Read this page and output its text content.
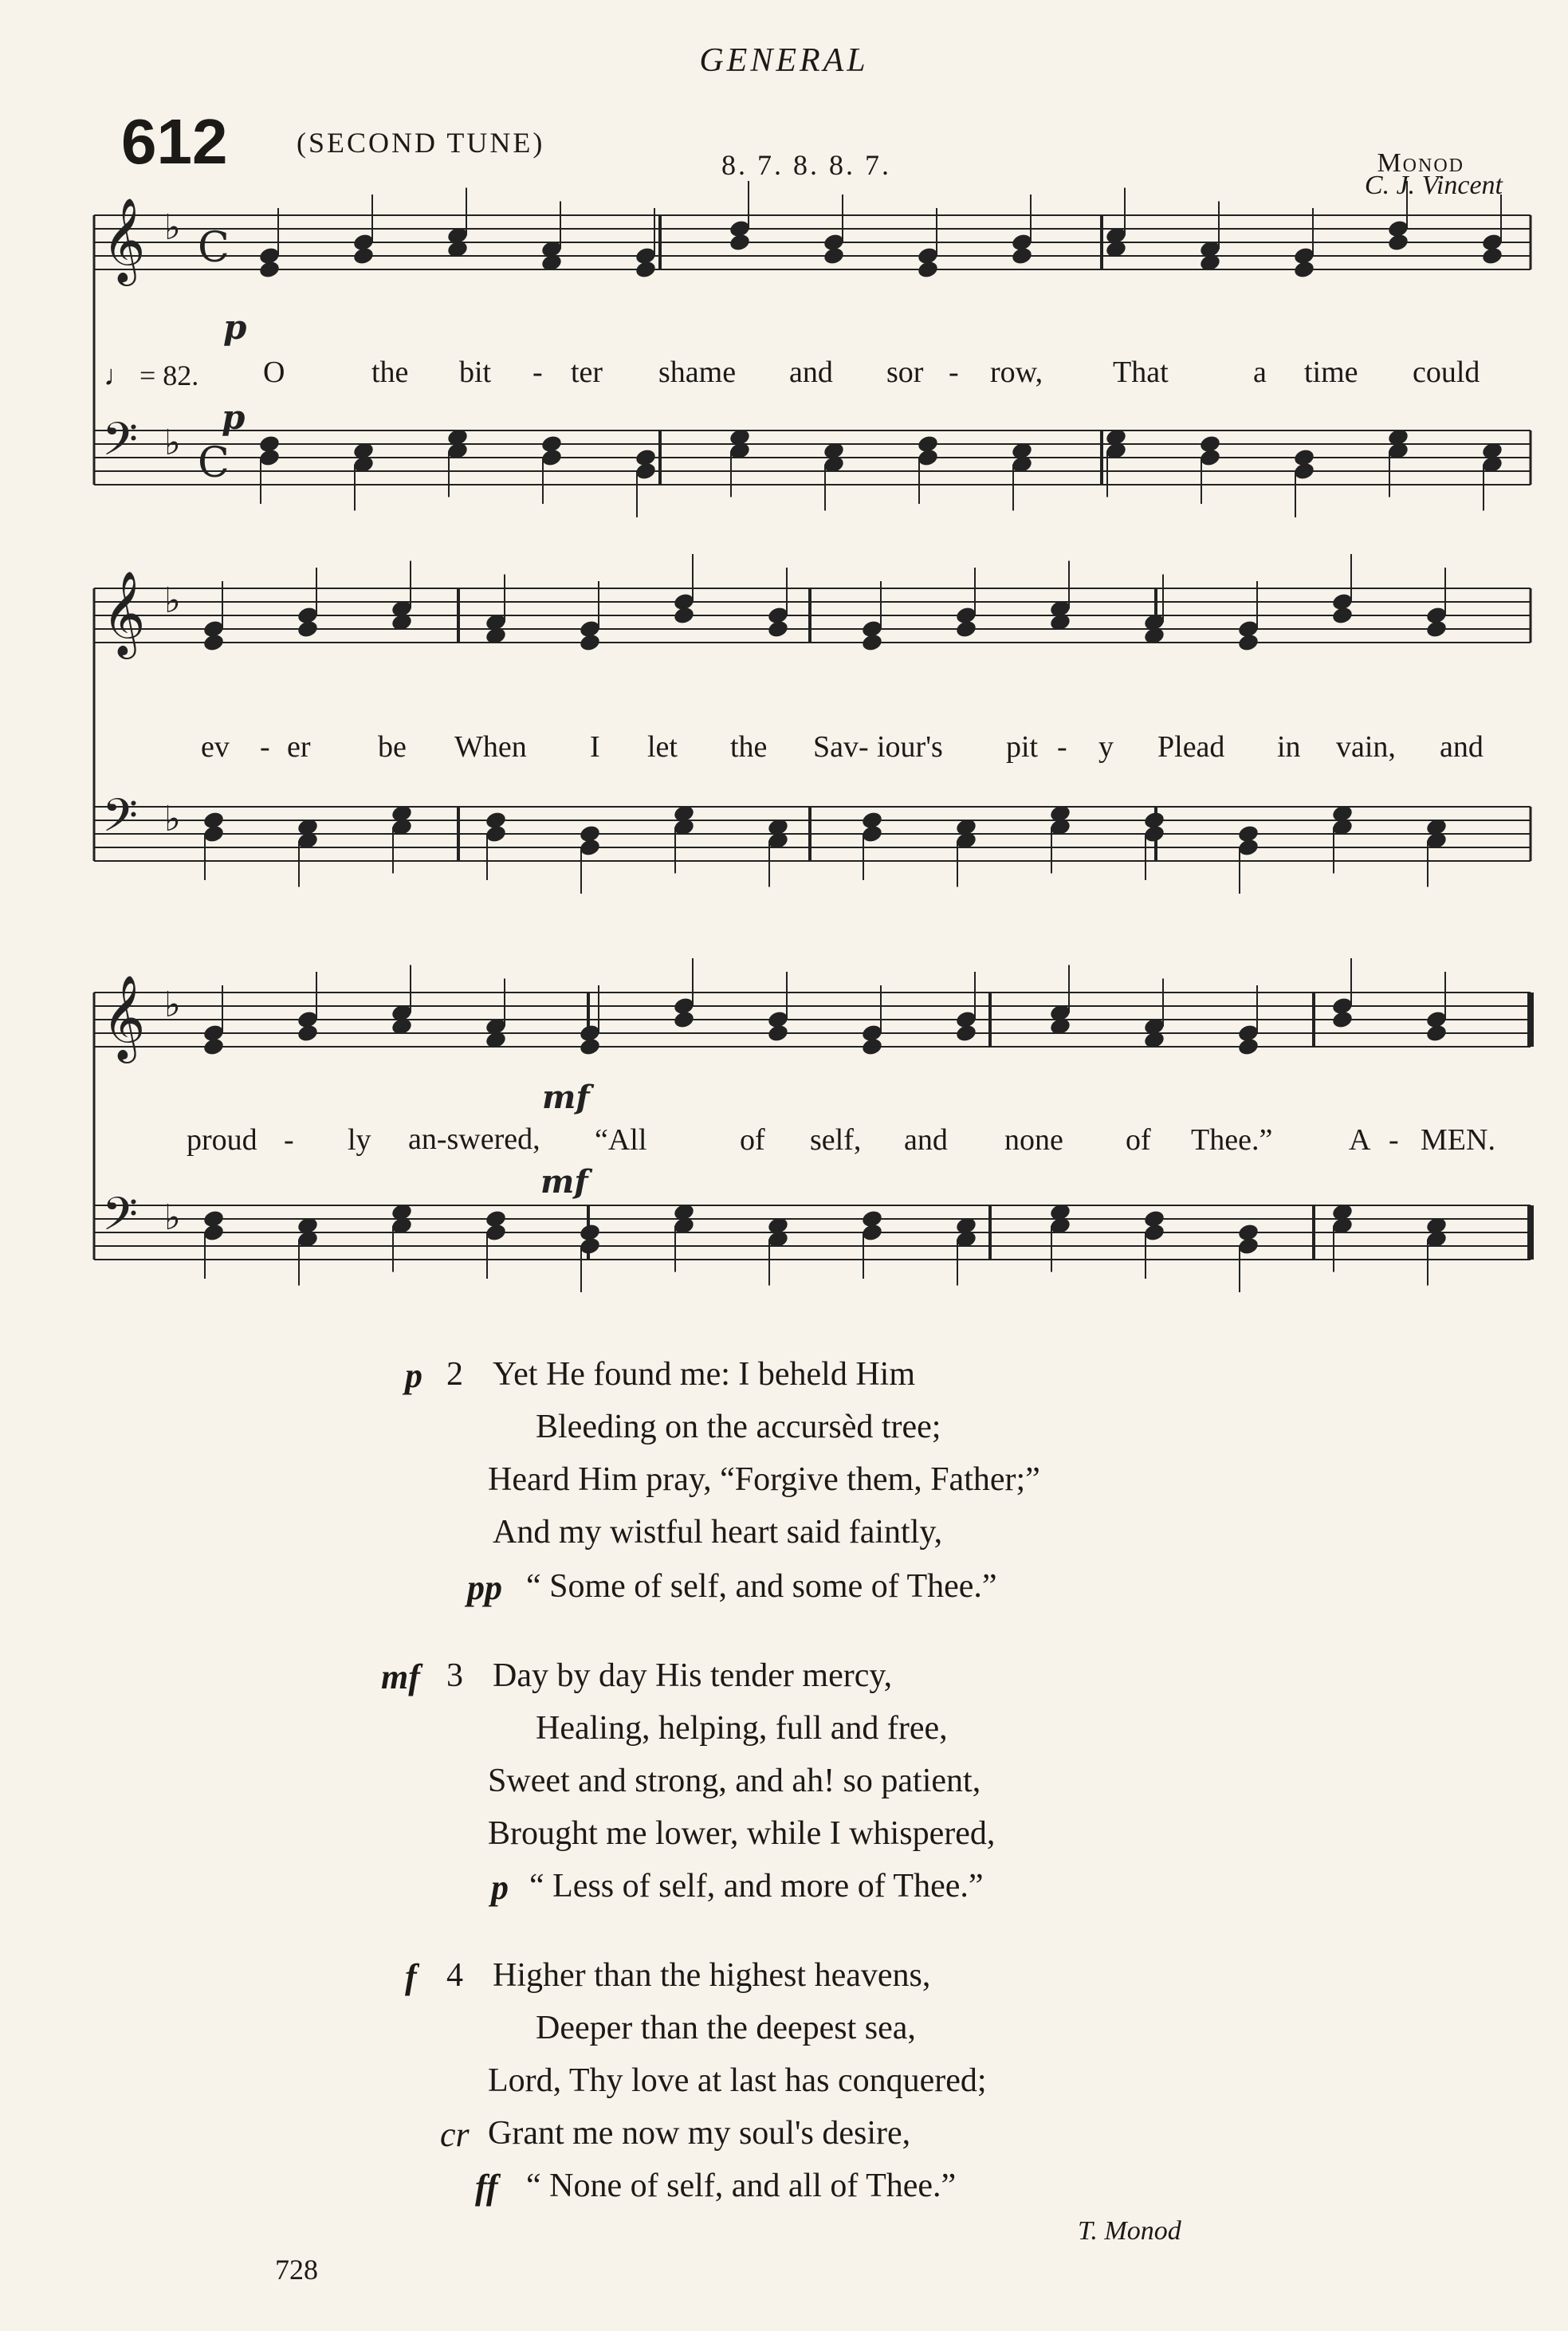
GENERAL
612 (SECOND TUNE)
8. 7. 8. 8. 7.	Monod
C. J. Vincent
𝄞 ♭ C
𝄢 ♭ C
𝄞 ♭
𝄢 ♭
𝄞 ♭
𝄢 ♭
p
p
mf
mf
an-swered,
♩ = 82. O	the bit - ter shame and sor - row, That	a time could
ev - er be When I let the Sav- iour's pit - y Plead in vain, and
proud - ly	“All	of self, and none of Thee.”	A - MEN.
p 2 Yet He found me: I beheld Him
Bleeding on the accursèd tree;
Heard Him pray, “Forgive them, Father;”
And my wistful heart said faintly,
pp “ Some of self, and some of Thee.”
mf 3 Day by day His tender mercy,
Healing, helping, full and free,
Sweet and strong, and ah! so patient,
Brought me lower, while I whispered,
p “ Less of self, and more of Thee.”
f 4 Higher than the highest heavens,
Deeper than the deepest sea,
Lord, Thy love at last has conquered;
cr Grant me now my soul's desire,
ff “ None of self, and all of Thee.”
T. Monod
728
